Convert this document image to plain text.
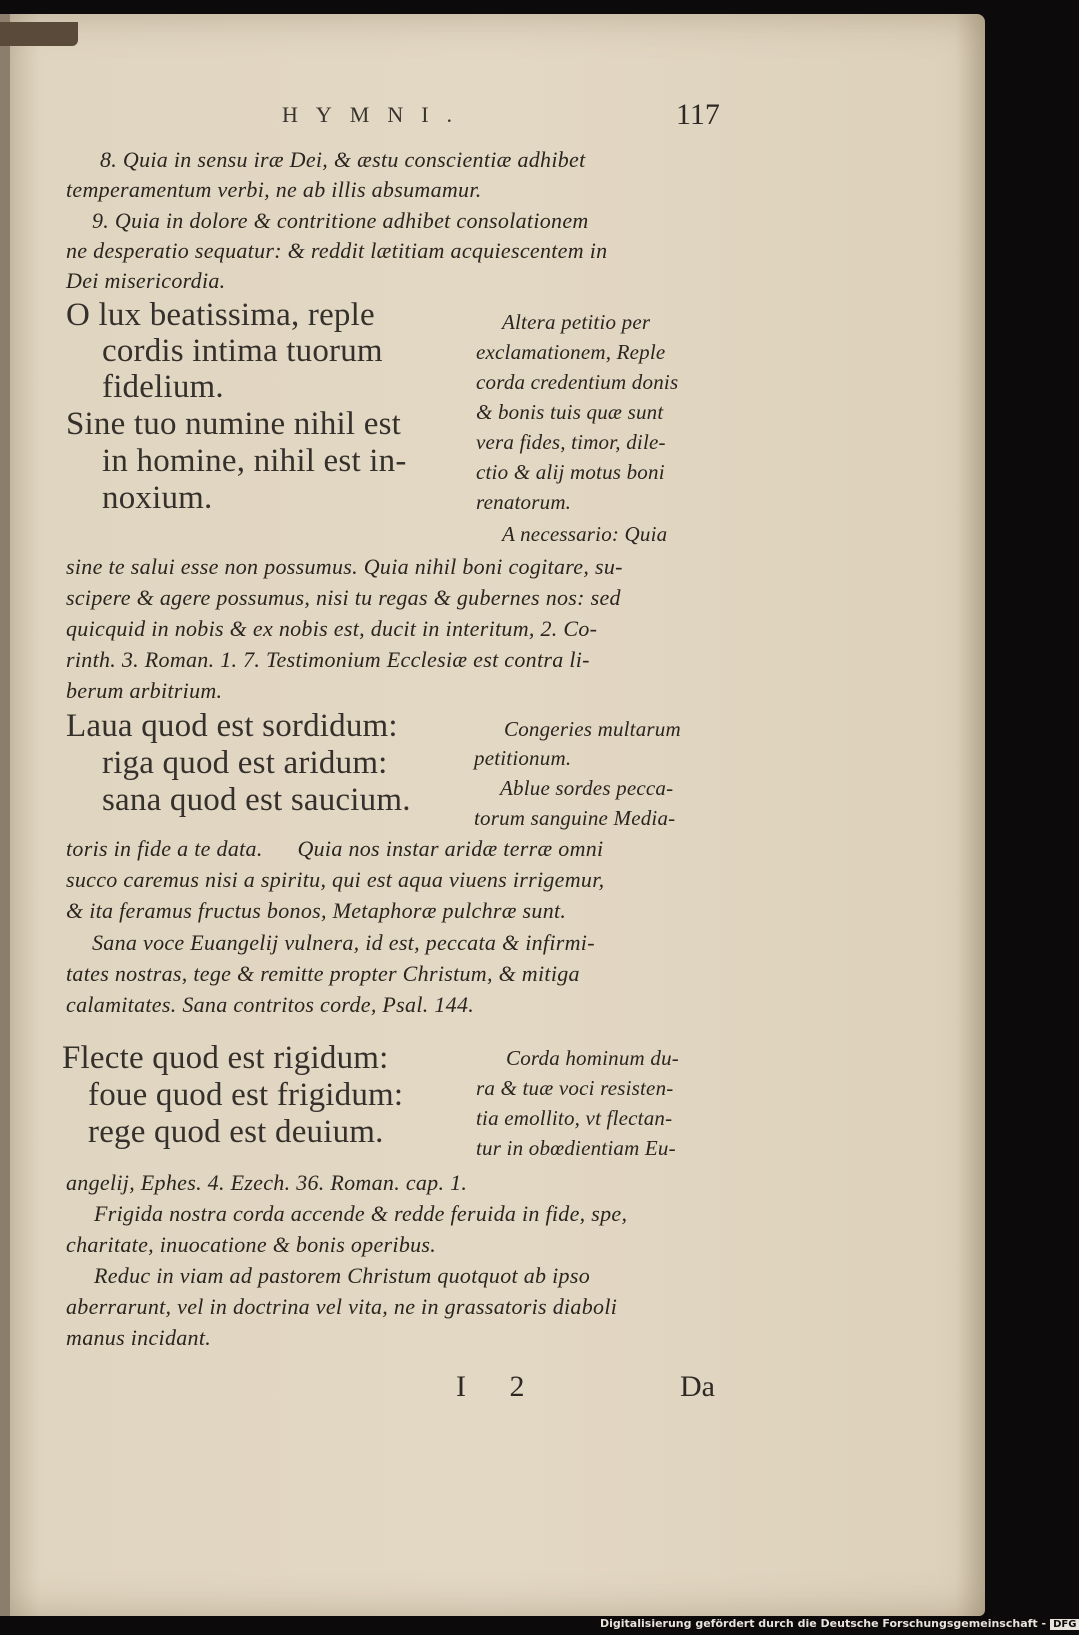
HYMNI.	117
8. Quia in sensu iræ Dei, & æstu conscientiæ adhibet
temperamentum verbi, ne ab illis absumamur.
9. Quia in dolore & contritione adhibet consolationem
ne desperatio sequatur: & reddit lætitiam acquiescentem in
Dei misericordia.
O lux beatissima, reple
cordis intima tuorum
fidelium.
Sine tuo numine nihil est
in homine, nihil est in-
noxium.
Altera petitio per
exclamationem, Reple
corda credentium donis
& bonis tuis quæ sunt
vera fides, timor, dile-
ctio & alij motus boni
renatorum.
A necessario: Quia
sine te salui esse non possumus. Quia nihil boni cogitare, su-
scipere & agere possumus, nisi tu regas & gubernes nos: sed
quicquid in nobis & ex nobis est, ducit in interitum, 2. Co-
rinth. 3. Roman. 1. 7. Testimonium Ecclesiæ est contra li-
berum arbitrium.
Laua quod est sordidum:
riga quod est aridum:
sana quod est saucium.
Congeries multarum
petitionum.
Ablue sordes pecca-
torum sanguine Media-
toris in fide a te data.      Quia nos instar aridæ terræ omni
succo caremus nisi a spiritu, qui est aqua viuens irrigemur,
& ita feramus fructus bonos, Metaphoræ pulchræ sunt.
Sana voce Euangelij vulnera, id est, peccata & infirmi-
tates nostras, tege & remitte propter Christum, & mitiga
calamitates. Sana contritos corde, Psal. 144.
Flecte quod est rigidum:
foue quod est frigidum:
rege quod est deuium.
Corda hominum du-
ra & tuæ voci resisten-
tia emollito, vt flectan-
tur in obœdientiam Eu-
angelij, Ephes. 4. Ezech. 36. Roman. cap. 1.
Frigida nostra corda accende & redde feruida in fide, spe,
charitate, inuocatione & bonis operibus.
Reduc in viam ad pastorem Christum quotquot ab ipso
aberrarunt, vel in doctrina vel vita, ne in grassatoris diaboli
manus incidant.
I 2	Da
Digitalisierung gefördert durch die Deutsche Forschungsgemeinschaft - DFG
